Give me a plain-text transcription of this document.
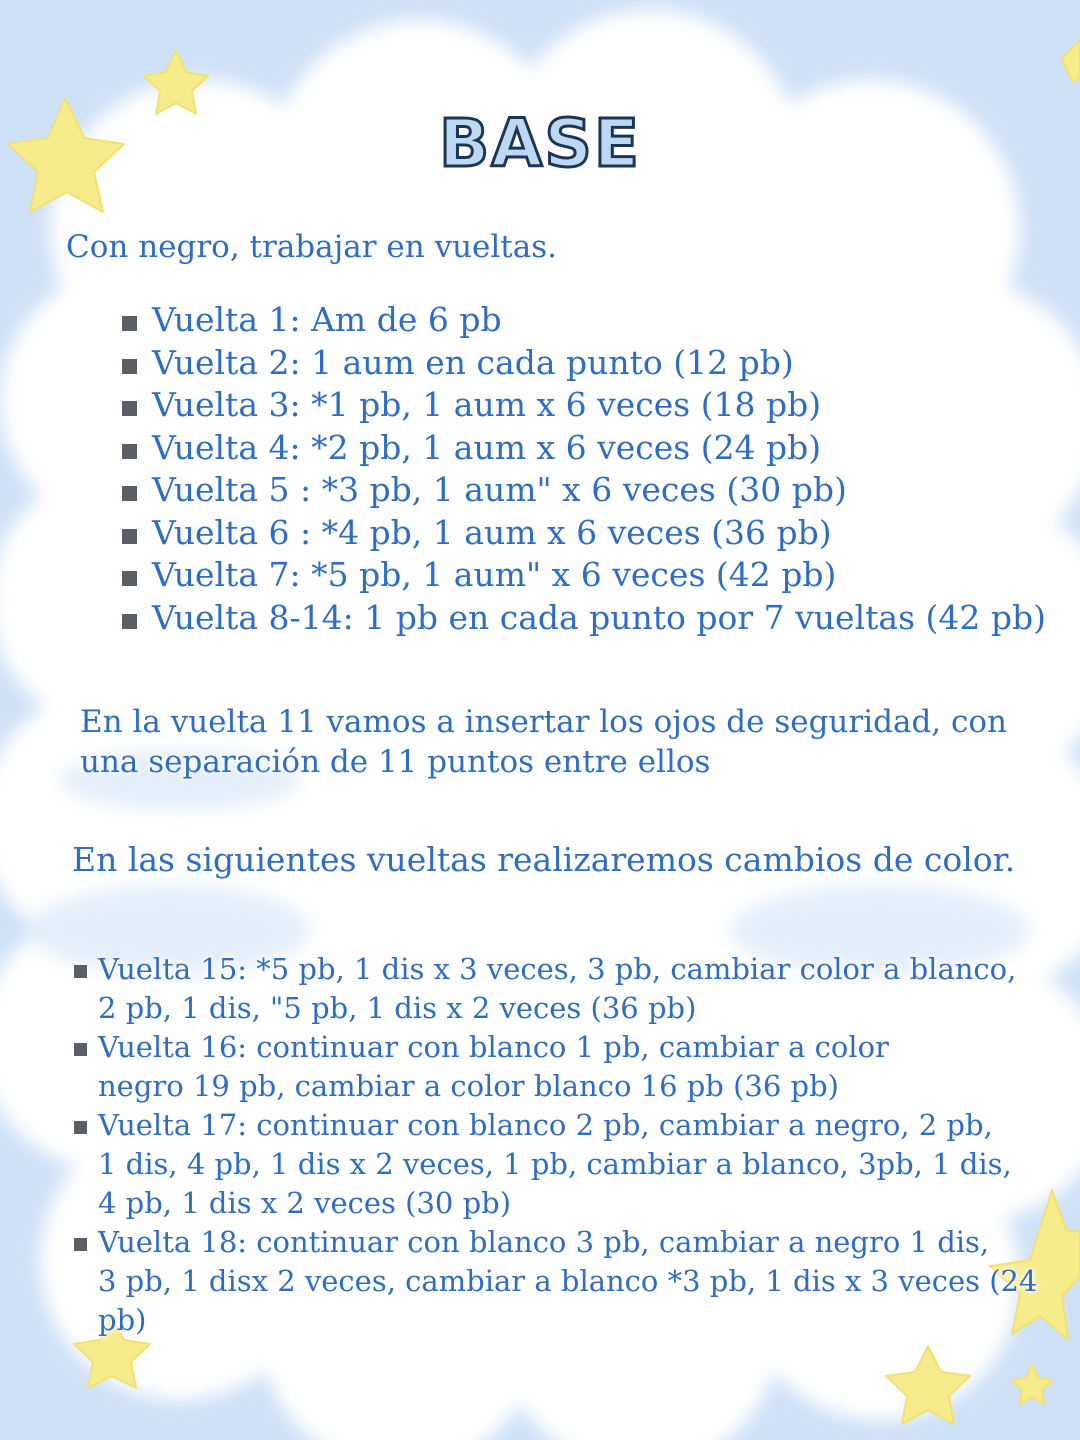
BASE

Con negro, trabajar en vueltas.

Vuelta 1: Am de 6 pb
Vuelta 2: 1 aum en cada punto (12 pb)
Vuelta 3: *1 pb, 1 aum x 6 veces (18 pb)
Vuelta 4: *2 pb, 1 aum x 6 veces (24 pb)
Vuelta 5 : *3 pb, 1 aum" x 6 veces (30 pb)
Vuelta 6 : *4 pb, 1 aum x 6 veces (36 pb)
Vuelta 7: *5 pb, 1 aum" x 6 veces (42 pb)
Vuelta 8-14: 1 pb en cada punto por 7 vueltas (42 pb)

En la vuelta 11 vamos a insertar los ojos de seguridad, con una separación de 11 puntos entre ellos

En las siguientes vueltas realizaremos cambios de color.

Vuelta 15: *5 pb, 1 dis x 3 veces, 3 pb, cambiar color a blanco,
2 pb, 1 dis, "5 pb, 1 dis x 2 veces (36 pb)
Vuelta 16: continuar con blanco 1 pb, cambiar a color
negro 19 pb, cambiar a color blanco 16 pb (36 pb)
Vuelta 17: continuar con blanco 2 pb, cambiar a negro, 2 pb,
1 dis, 4 pb, 1 dis x 2 veces, 1 pb, cambiar a blanco, 3pb, 1 dis,
4 pb, 1 dis x 2 veces (30 pb)
Vuelta 18: continuar con blanco 3 pb, cambiar a negro 1 dis,
3 pb, 1 disx 2 veces, cambiar a blanco *3 pb, 1 dis x 3 veces (24 pb)
